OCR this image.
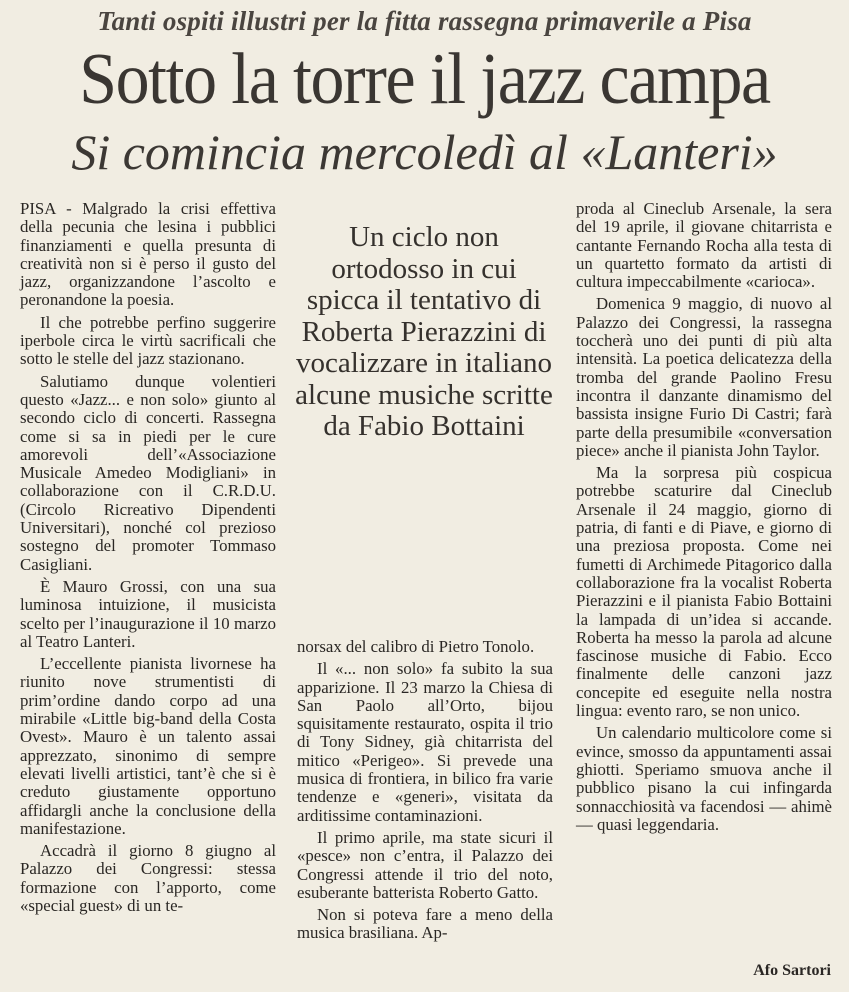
Tanti ospiti illustri per la fitta rassegna primaverile a Pisa
Sotto la torre il jazz campa
Si comincia mercoledì al «Lanteri»

PISA - Malgrado la crisi effettiva della pecunia che lesina i pubblici finanziamenti e quella presunta di creatività non si è perso il gusto del jazz, organizzandone l’ascolto e peronandone la poesia.

Il che potrebbe perfino suggerire iperbole circa le virtù sacrificali che sotto le stelle del jazz stazionano.

Salutiamo dunque volentieri questo «Jazz... e non solo» giunto al secondo ciclo di concerti. Rassegna come si sa in piedi per le cure amorevoli dell’«Associazione Musicale Amedeo Modigliani» in collaborazione con il C.R.D.U. (Circolo Ricreativo Dipendenti Universitari), nonché col prezioso sostegno del promoter Tommaso Casigliani.

È Mauro Grossi, con una sua luminosa intuizione, il musicista scelto per l’inaugurazione il 10 marzo al Teatro Lanteri.

L’eccellente pianista livornese ha riunito nove strumentisti di prim’ordine dando corpo ad una mirabile «Little big-band della Costa Ovest». Mauro è un talento assai apprezzato, sinonimo di sempre elevati livelli artistici, tant’è che si è creduto giustamente opportuno affidargli anche la conclusione della manifestazione.

Accadrà il giorno 8 giugno al Palazzo dei Congressi: stessa formazione con l’apporto, come «special guest» di un te-

Un ciclo non ortodosso in cui spicca il tentativo di Roberta Pierazzini di vocalizzare in italiano alcune musiche scritte da Fabio Bottaini

norsax del calibro di Pietro Tonolo.

Il «... non solo» fa subito la sua apparizione. Il 23 marzo la Chiesa di San Paolo all’Orto, bijou squisitamente restaurato, ospita il trio di Tony Sidney, già chitarrista del mitico «Perigeo». Si prevede una musica di frontiera, in bilico fra varie tendenze e «generi», visitata da arditissime contaminazioni.

Il primo aprile, ma state sicuri il «pesce» non c’entra, il Palazzo dei Congressi attende il trio del noto, esuberante batterista Roberto Gatto.

Non si poteva fare a meno della musica brasiliana. Ap-

proda al Cineclub Arsenale, la sera del 19 aprile, il giovane chitarrista e cantante Fernando Rocha alla testa di un quartetto formato da artisti di cultura impeccabilmente «carioca».

Domenica 9 maggio, di nuovo al Palazzo dei Congressi, la rassegna toccherà uno dei punti di più alta intensità. La poetica delicatezza della tromba del grande Paolino Fresu incontra il danzante dinamismo del bassista insigne Furio Di Castri; farà parte della presumibile «conversation piece» anche il pianista John Taylor.

Ma la sorpresa più cospicua potrebbe scaturire dal Cineclub Arsenale il 24 maggio, giorno di patria, di fanti e di Piave, e giorno di una preziosa proposta. Come nei fumetti di Archimede Pitagorico dalla collaborazione fra la vocalist Roberta Pierazzini e il pianista Fabio Bottaini la lampada di un’idea si accande. Roberta ha messo la parola ad alcune fascinose musiche di Fabio. Ecco finalmente delle canzoni jazz concepite ed eseguite nella nostra lingua: evento raro, se non unico.

Un calendario multicolore come si evince, smosso da appuntamenti assai ghiotti. Speriamo smuova anche il pubblico pisano la cui infingarda sonnacchiosità va facendosi — ahimè — quasi leggendaria.

Afo Sartori
